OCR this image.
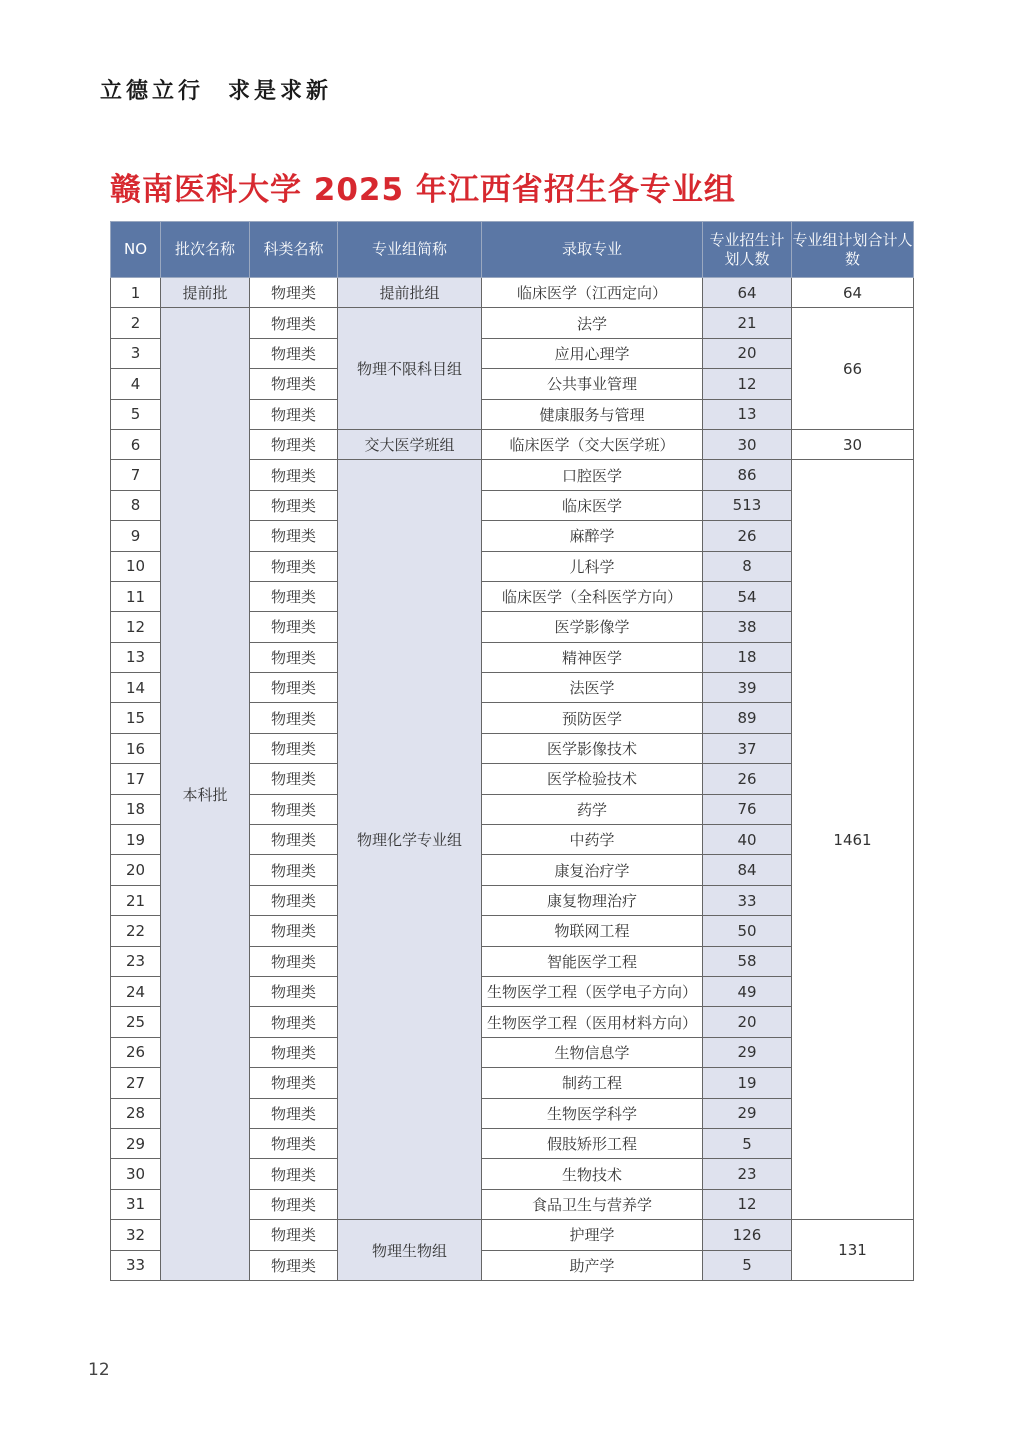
立德立行 求是求新
赣南医科大学 2025 年江西省招生各专业组
NO	批次名称	科类名称	专业组简称	录取专业	专业招生计划人数	专业组计划合计人数
1	提前批	物理类	提前批组	临床医学（江西定向）	64	64
2	本科批	物理类	物理不限科目组	法学	21	66
3		物理类		应用心理学	20	
4		物理类		公共事业管理	12	
5		物理类		健康服务与管理	13	
6		物理类	交大医学班组	临床医学（交大医学班）	30	30
7		物理类	物理化学专业组	口腔医学	86	1461
8		物理类		临床医学	513	
9		物理类		麻醉学	26	
10		物理类		儿科学	8	
11		物理类		临床医学（全科医学方向）	54	
12		物理类		医学影像学	38	
13		物理类		精神医学	18	
14		物理类		法医学	39	
15		物理类		预防医学	89	
16		物理类		医学影像技术	37	
17		物理类		医学检验技术	26	
18		物理类		药学	76	
19		物理类		中药学	40	
20		物理类		康复治疗学	84	
21		物理类		康复物理治疗	33	
22		物理类		物联网工程	50	
23		物理类		智能医学工程	58	
24		物理类		生物医学工程（医学电子方向）	49	
25		物理类		生物医学工程（医用材料方向）	20	
26		物理类		生物信息学	29	
27		物理类		制药工程	19	
28		物理类		生物医学科学	29	
29		物理类		假肢矫形工程	5	
30		物理类		生物技术	23	
31		物理类		食品卫生与营养学	12	
32		物理类	物理生物组	护理学	126	131
33		物理类		助产学	5	
12
